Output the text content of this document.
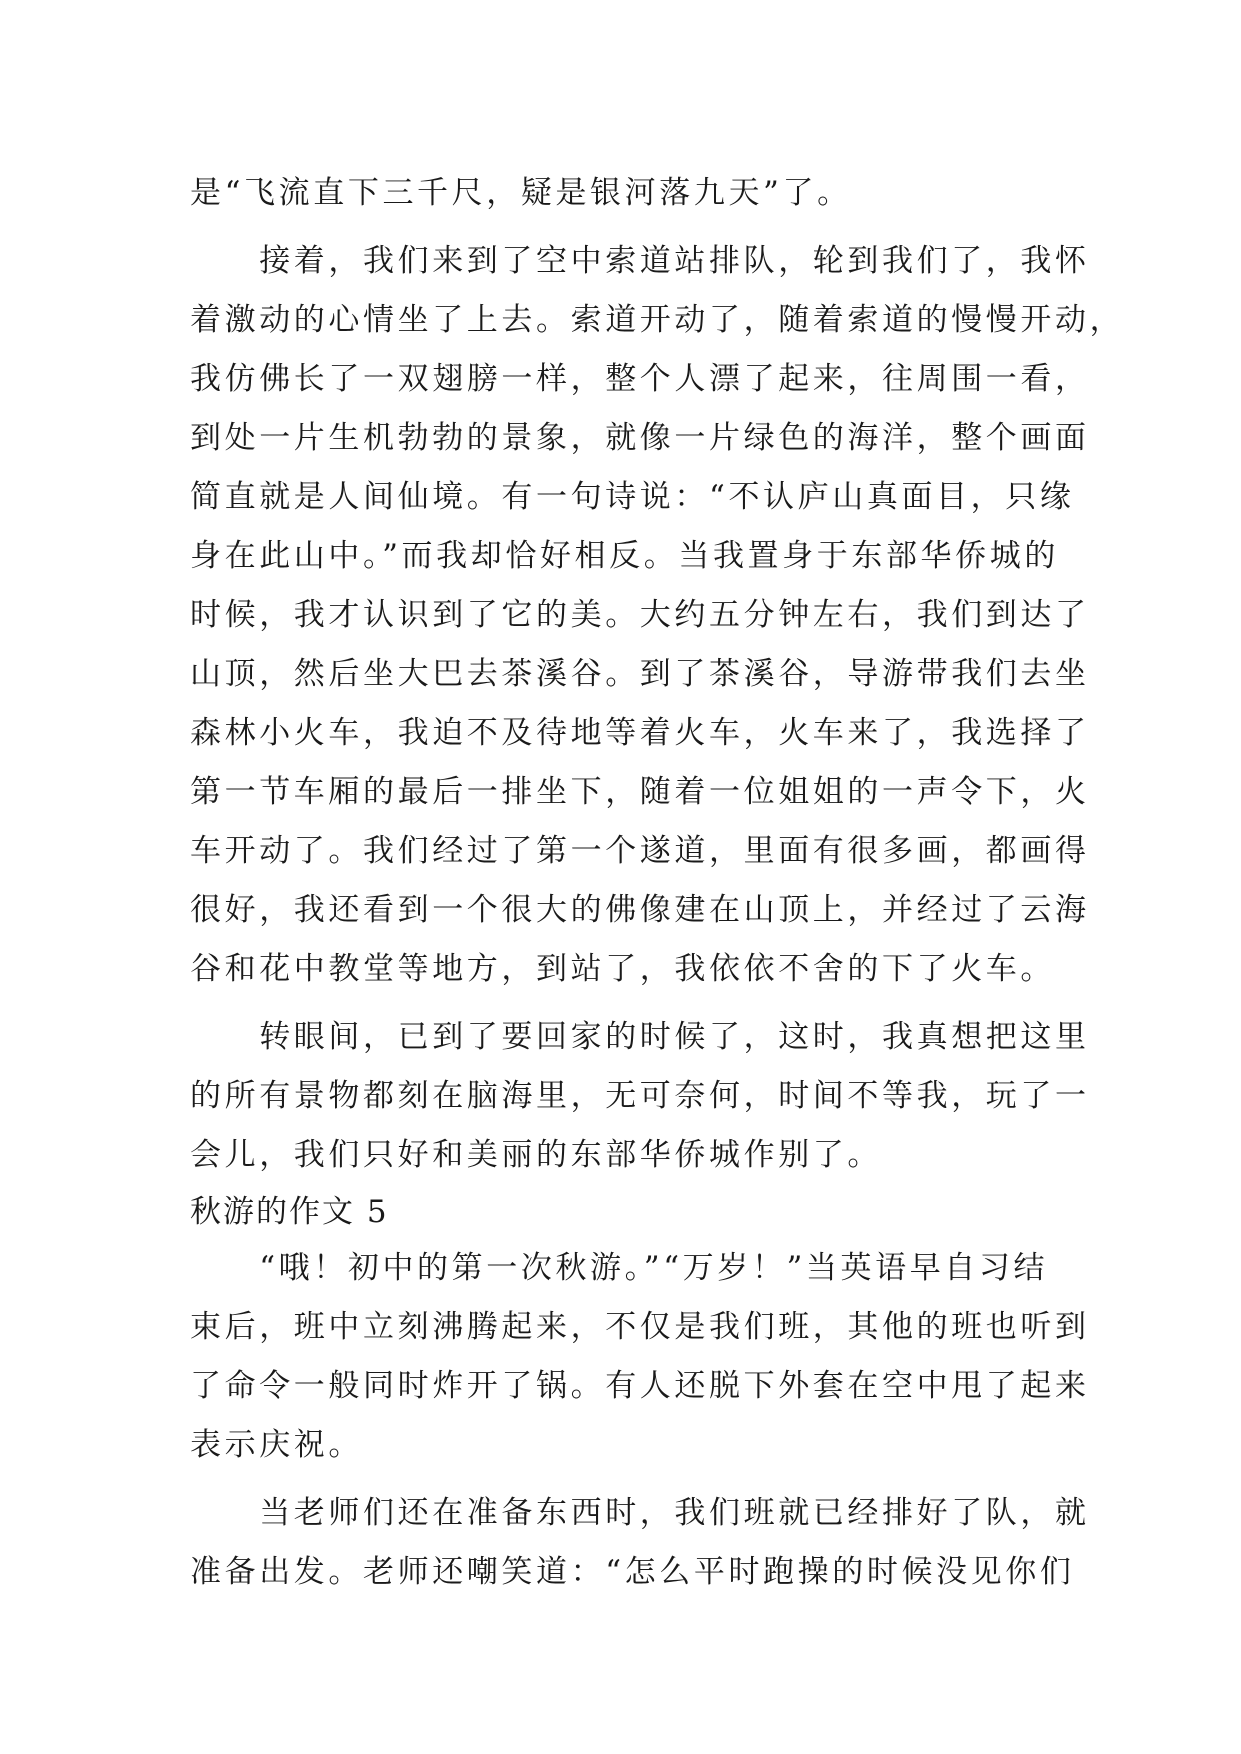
是“飞流直下三千尺，疑是银河落九天”了。
　　接着，我们来到了空中索道站排队，轮到我们了，我怀
着激动的心情坐了上去。索道开动了，随着索道的慢慢开动，
我仿佛长了一双翅膀一样，整个人漂了起来，往周围一看，
到处一片生机勃勃的景象，就像一片绿色的海洋，整个画面
简直就是人间仙境。有一句诗说：“不认庐山真面目，只缘
身在此山中。”而我却恰好相反。当我置身于东部华侨城的
时候，我才认识到了它的美。大约五分钟左右，我们到达了
山顶，然后坐大巴去茶溪谷。到了茶溪谷，导游带我们去坐
森林小火车，我迫不及待地等着火车，火车来了，我选择了
第一节车厢的最后一排坐下，随着一位姐姐的一声令下，火
车开动了。我们经过了第一个遂道，里面有很多画，都画得
很好，我还看到一个很大的佛像建在山顶上，并经过了云海
谷和花中教堂等地方，到站了，我依依不舍的下了火车。
　　转眼间，已到了要回家的时候了，这时，我真想把这里
的所有景物都刻在脑海里，无可奈何，时间不等我，玩了一
会儿，我们只好和美丽的东部华侨城作别了。
秋游的作文 5
　　“哦！初中的第一次秋游。”“万岁！”当英语早自习结
束后，班中立刻沸腾起来，不仅是我们班，其他的班也听到
了命令一般同时炸开了锅。有人还脱下外套在空中甩了起来
表示庆祝。
　　当老师们还在准备东西时，我们班就已经排好了队，就
准备出发。老师还嘲笑道：“怎么平时跑操的时候没见你们
